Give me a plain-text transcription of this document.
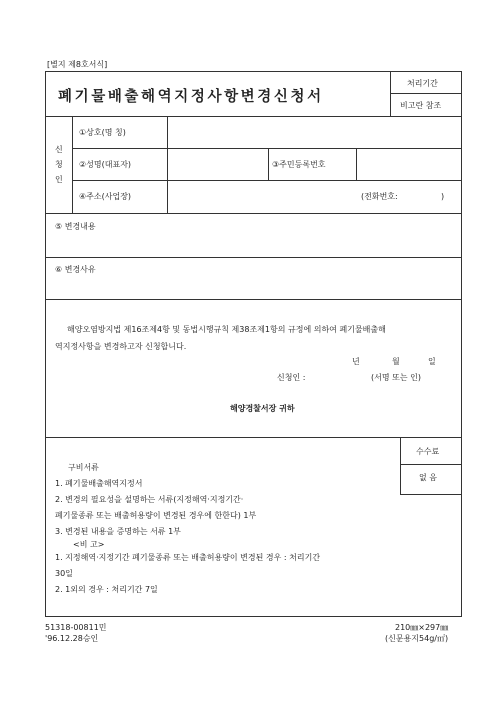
[별지 제8호서식]
폐기물배출해역지정사항변경신청서
처리기간
비고란 참조
신
청
인
①상호(명 칭)
②성명(대표자)	③주민등록번호
④주소(사업장)	(전화번호:	)
⑤ 변경내용
⑥ 변경사유
해양오염방지법 제16조제4항 및 동법시행규칙 제38조제1항의 규정에 의하여 폐기물배출해
역지정사항을 변경하고자 신청합니다.
년	월	일
신청인 :	(서명 또는 인)
해양경찰서장 귀하
수수료
없 음
구비서류
1. 폐기물배출해역지정서
2. 변경의 필요성을 설명하는 서류(지정해역·지정기간·
폐기물종류 또는 배출허용량이 변경된 경우에 한한다) 1부
3. 변경된 내용을 증명하는 서류 1부
<비 고>
1. 지정해역·지정기간 폐기물종류 또는 배출허용량이 변경된 경우 : 처리기간
30일
2. 1외의 경우 : 처리기간 7일
51318-00811민
'96.12.28승인
210㎜×297㎜
(신문용지54g/㎡)
